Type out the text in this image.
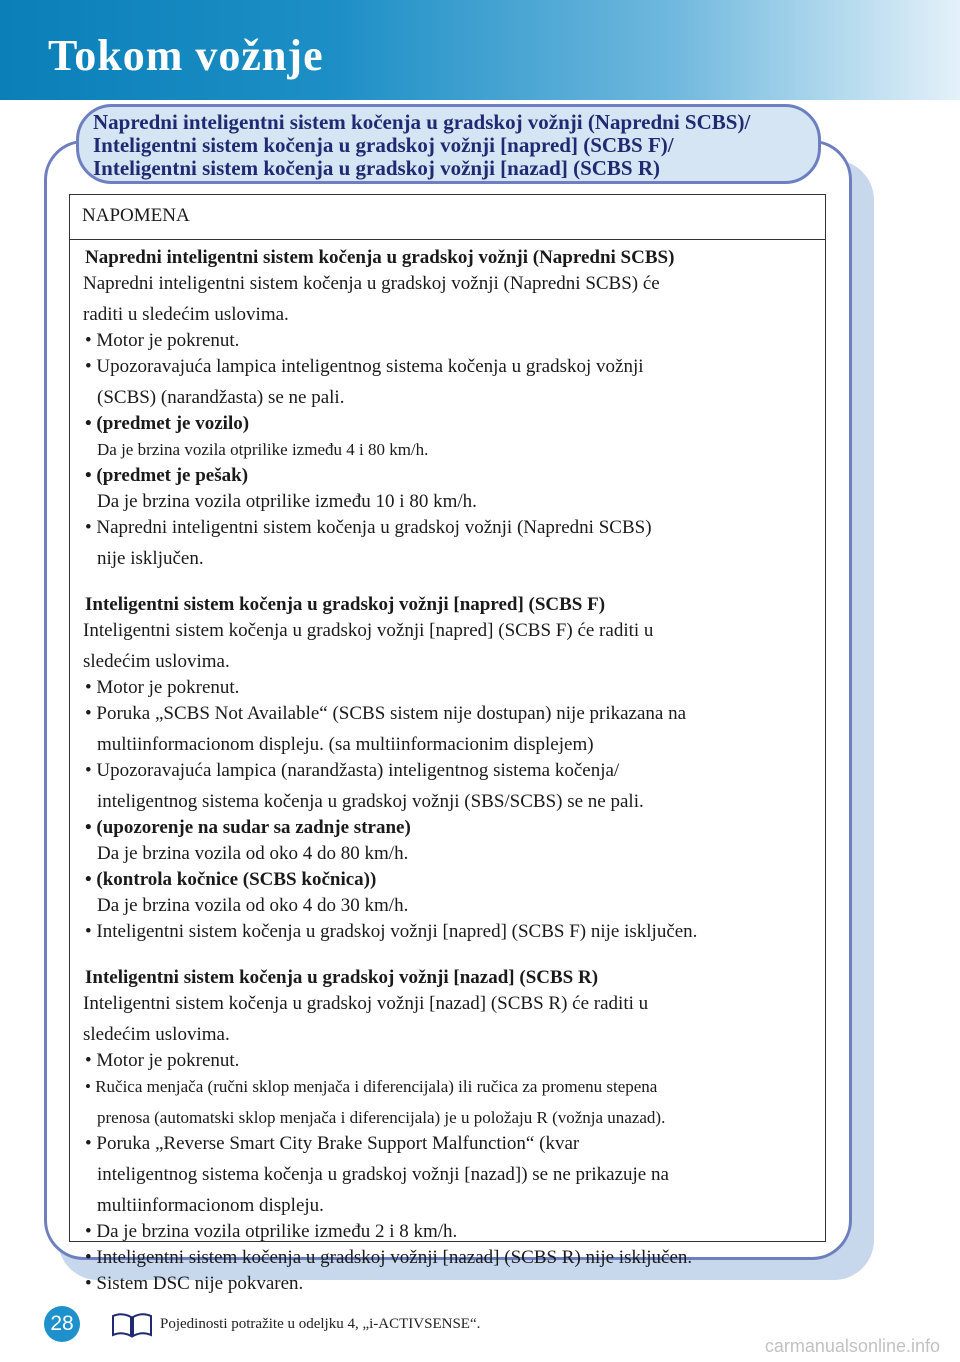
Tokom vožnje
Napredni inteligentni sistem kočenja u gradskoj vožnji (Napredni SCBS)/
Inteligentni sistem kočenja u gradskoj vožnji [napred] (SCBS F)/
Inteligentni sistem kočenja u gradskoj vožnji [nazad] (SCBS R)
NAPOMENA
Napredni inteligentni sistem kočenja u gradskoj vožnji (Napredni SCBS)
Napredni inteligentni sistem kočenja u gradskoj vožnji (Napredni SCBS) će
raditi u sledećim uslovima.
• Motor je pokrenut.
• Upozoravajuća lampica inteligentnog sistema kočenja u gradskoj vožnji
(SCBS) (narandžasta) se ne pali.
• (predmet je vozilo)
Da je brzina vozila otprilike između 4 i 80 km/h.
• (predmet je pešak)
Da je brzina vozila otprilike između 10 i 80 km/h.
• Napredni inteligentni sistem kočenja u gradskoj vožnji (Napredni SCBS)
nije isključen.
Inteligentni sistem kočenja u gradskoj vožnji [napred] (SCBS F)
Inteligentni sistem kočenja u gradskoj vožnji [napred] (SCBS F) će raditi u
sledećim uslovima.
• Motor je pokrenut.
• Poruka „SCBS Not Available“ (SCBS sistem nije dostupan) nije prikazana na
multiinformacionom displeju. (sa multiinformacionim displejem)
• Upozoravajuća lampica (narandžasta) inteligentnog sistema kočenja/
inteligentnog sistema kočenja u gradskoj vožnji (SBS/SCBS) se ne pali.
• (upozorenje na sudar sa zadnje strane)
Da je brzina vozila od oko 4 do 80 km/h.
• (kontrola kočnice (SCBS kočnica))
Da je brzina vozila od oko 4 do 30 km/h.
• Inteligentni sistem kočenja u gradskoj vožnji [napred] (SCBS F) nije isključen.
Inteligentni sistem kočenja u gradskoj vožnji [nazad] (SCBS R)
Inteligentni sistem kočenja u gradskoj vožnji [nazad] (SCBS R) će raditi u
sledećim uslovima.
• Motor je pokrenut.
• Ručica menjača (ručni sklop menjača i diferencijala) ili ručica za promenu stepena
prenosa (automatski sklop menjača i diferencijala) je u položaju R (vožnja unazad).
• Poruka „Reverse Smart City Brake Support Malfunction“ (kvar
inteligentnog sistema kočenja u gradskoj vožnji [nazad]) se ne prikazuje na
multiinformacionom displeju.
• Da je brzina vozila otprilike između 2 i 8 km/h.
• Inteligentni sistem kočenja u gradskoj vožnji [nazad] (SCBS R) nije isključen.
• Sistem DSC nije pokvaren.
28	Pojedinosti potražite u odeljku 4, „i-ACTIVSENSE“.
carmanualsonline.info
